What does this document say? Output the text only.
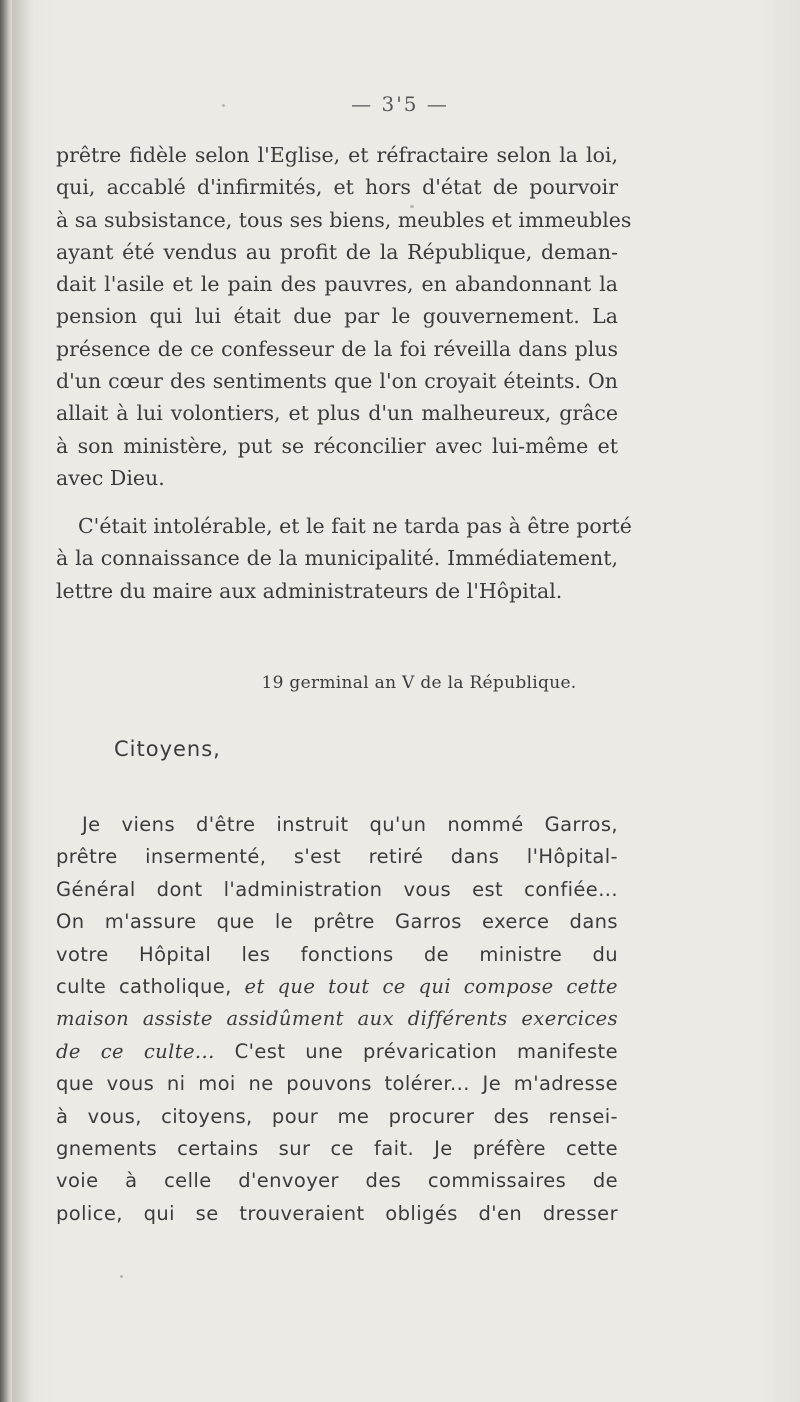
— 3'5 —
prêtre fidèle selon l'Eglise, et réfractaire selon la loi,
qui, accablé d'infirmités, et hors d'état de pourvoir
à sa subsistance, tous ses biens, meubles et immeubles
ayant été vendus au profit de la République, deman-
dait l'asile et le pain des pauvres, en abandonnant la
pension qui lui était due par le gouvernement. La
présence de ce confesseur de la foi réveilla dans plus
d'un cœur des sentiments que l'on croyait éteints. On
allait à lui volontiers, et plus d'un malheureux, grâce
à son ministère, put se réconcilier avec lui-même et
avec Dieu.
C'était intolérable, et le fait ne tarda pas à être porté
à la connaissance de la municipalité. Immédiatement,
lettre du maire aux administrateurs de l'Hôpital.
19 germinal an V de la République.
Citoyens,
Je viens d'être instruit qu'un nommé Garros,
prêtre insermenté, s'est retiré dans l'Hôpital-
Général dont l'administration vous est confiée...
On m'assure que le prêtre Garros exerce dans
votre Hôpital les fonctions de ministre du
culte catholique, et que tout ce qui compose cette
maison assiste assidûment aux différents exercices
de ce culte... C'est une prévarication manifeste
que vous ni moi ne pouvons tolérer... Je m'adresse
à vous, citoyens, pour me procurer des rensei-
gnements certains sur ce fait. Je préfère cette
voie à celle d'envoyer des commissaires de
police, qui se trouveraient obligés d'en dresser
